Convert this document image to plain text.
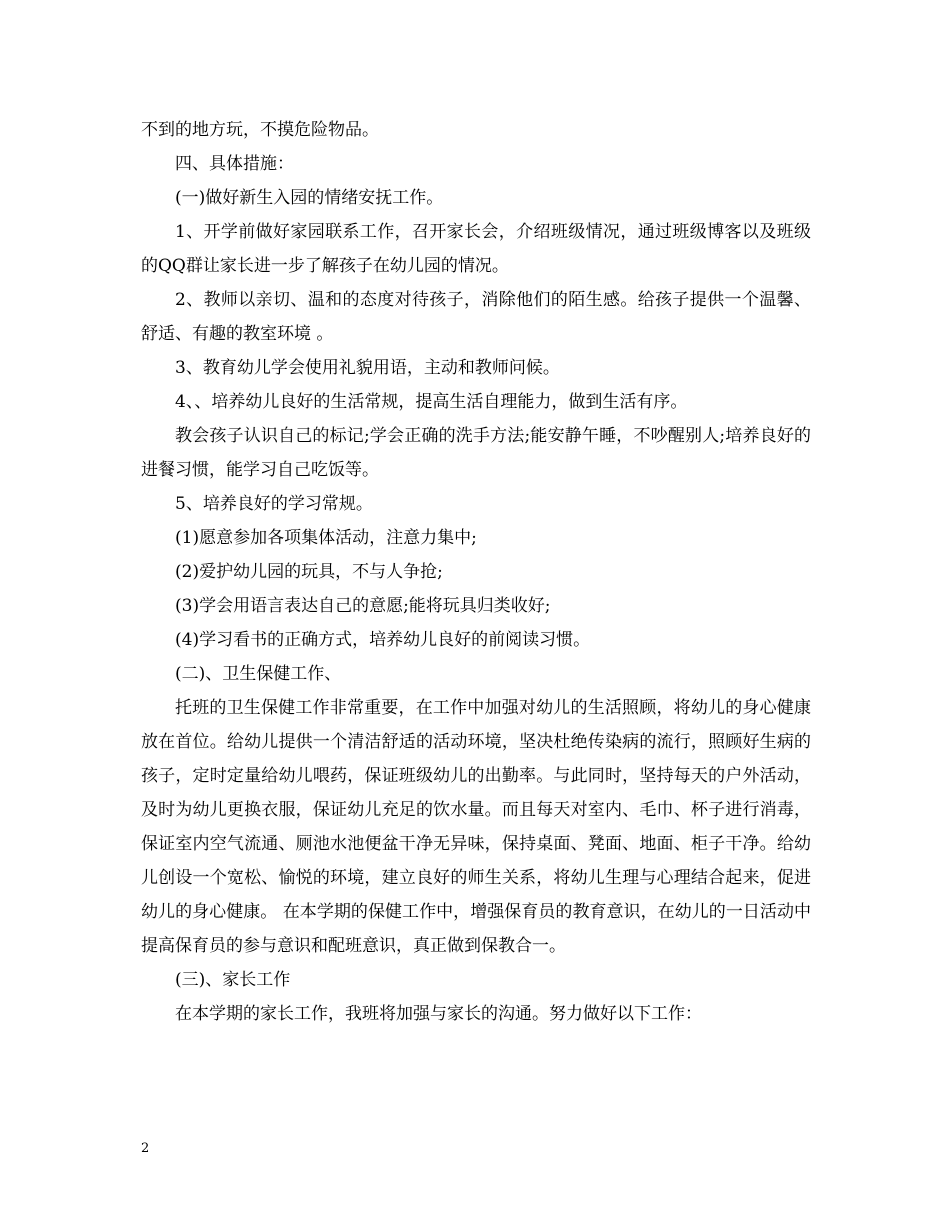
不到的地方玩，不摸危险物品。

四、具体措施：

(一)做好新生入园的情绪安抚工作。

1、开学前做好家园联系工作，召开家长会，介绍班级情况，通过班级博客以及班级的QQ群让家长进一步了解孩子在幼儿园的情况。

2、教师以亲切、温和的态度对待孩子，消除他们的陌生感。给孩子提供一个温馨、舒适、有趣的教室环境 。

3、教育幼儿学会使用礼貌用语，主动和教师问候。

4、、培养幼儿良好的生活常规，提高生活自理能力，做到生活有序。

教会孩子认识自己的标记;学会正确的洗手方法;能安静午睡，不吵醒别人;培养良好的进餐习惯，能学习自己吃饭等。

5、培养良好的学习常规。

(1)愿意参加各项集体活动，注意力集中;

(2)爱护幼儿园的玩具，不与人争抢;

(3)学会用语言表达自己的意愿;能将玩具归类收好;

(4)学习看书的正确方式，培养幼儿良好的前阅读习惯。

(二)、卫生保健工作、

托班的卫生保健工作非常重要，在工作中加强对幼儿的生活照顾，将幼儿的身心健康放在首位。给幼儿提供一个清洁舒适的活动环境，坚决杜绝传染病的流行，照顾好生病的孩子，定时定量给幼儿喂药，保证班级幼儿的出勤率。与此同时，坚持每天的户外活动，及时为幼儿更换衣服，保证幼儿充足的饮水量。而且每天对室内、毛巾、杯子进行消毒，保证室内空气流通、厕池水池便盆干净无异味，保持桌面、凳面、地面、柜子干净。给幼儿创设一个宽松、愉悦的环境，建立良好的师生关系，将幼儿生理与心理结合起来，促进幼儿的身心健康。 在本学期的保健工作中，增强保育员的教育意识，在幼儿的一日活动中提高保育员的参与意识和配班意识，真正做到保教合一。

(三)、家长工作

在本学期的家长工作，我班将加强与家长的沟通。努力做好以下工作：

2
